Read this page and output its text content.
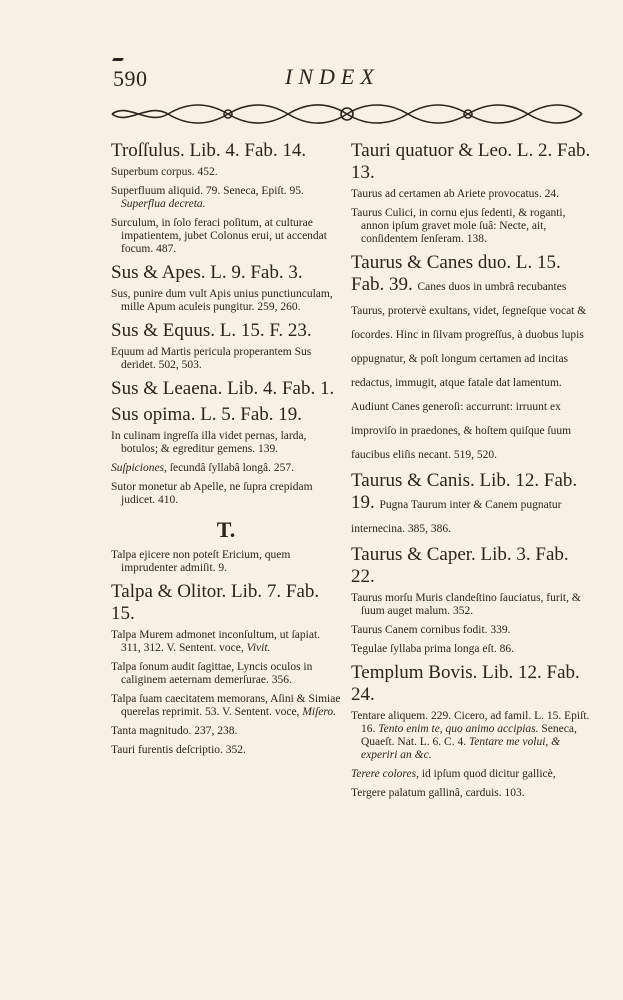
590	INDEX
Troſſulus. Lib. 4. Fab. 14.
Superbum corpus. 452.
Superfluum aliquid. 79. Seneca, Epiſt. 95. Superflua decreta.
Surculum, in ſolo feraci poſitum, at culturae impatientem, jubet Colonus erui, ut accendat focum. 487.
Sus & Apes. L. 9. Fab. 3.
Sus, punire dum vult Apis unius punctiunculam, mille Apum aculeis pungitur. 259, 260.
Sus & Equus. L. 15. F. 23.
Equum ad Martis pericula properantem Sus deridet. 502, 503.
Sus & Leaena. Lib. 4. Fab. 1.
Sus opima. L. 5. Fab. 19.
In culinam ingreſſa illa videt pernas, larda, botulos; & egreditur gemens. 139.
Suſpiciones, ſecundâ ſyllabâ longâ. 257.
Sutor monetur ab Apelle, ne ſupra crepidam judicet. 410.
T.
Talpa ejicere non poteſt Ericium, quem imprudenter admiſit. 9.
Talpa & Olitor. Lib. 7. Fab. 15.
Talpa Murem admonet inconſultum, ut ſapiat. 311, 312. V. Sentent. voce, Vivit.
Talpa ſonum audit ſagittae, Lyncis oculos in caliginem aeternam demerſurae. 356.
Talpa ſuam caecitatem memorans, Aſini & Simiae querelas reprimit. 53. V. Sentent. voce, Miſero.
Tanta magnitudo. 237, 238.
Tauri furentis deſcriptio. 352.
Tauri quatuor & Leo. L. 2. Fab. 13.
Taurus ad certamen ab Ariete provocatus. 24.
Taurus Culici, in cornu ejus ſedenti, & roganti, annon ipſum gravet mole ſuâ: Necte, ait, conſidentem ſenſeram. 138.
Taurus & Canes duo. L. 15. Fab. 39. Canes duos in umbrâ recubantes Taurus, protervè exultans, videt, ſegneſque vocat & ſocordes. Hinc in ſilvam progreſſus, à duobus lupis oppugnatur, & poſt longum certamen ad incitas redactus, immugit, atque fatale dat lamentum. Audiunt Canes generoſi: accurrunt: irruunt ex improviſo in praedones, & hoſtem quiſque ſuum faucibus eliſis necant. 519, 520.
Taurus & Canis. Lib. 12. Fab. 19. Pugna Taurum inter & Canem pugnatur internecina. 385, 386.
Taurus & Caper. Lib. 3. Fab. 22.
Taurus morſu Muris clandeſtino ſauciatus, furit, & ſuum auget malum. 352.
Taurus Canem cornibus fodit. 339.
Tegulae ſyllaba prima longa eſt. 86.
Templum Bovis. Lib. 12. Fab. 24.
Tentare aliquem. 229. Cicero, ad famil. L. 15. Epiſt. 16. Tento enim te, quo animo accipias. Seneca, Quaeſt. Nat. L. 6. C. 4. Tentare me volui, & experiri an &c.
Terere colores, id ipſum quod dicitur gallicè,
Tergere palatum gallinâ, carduis. 103.
